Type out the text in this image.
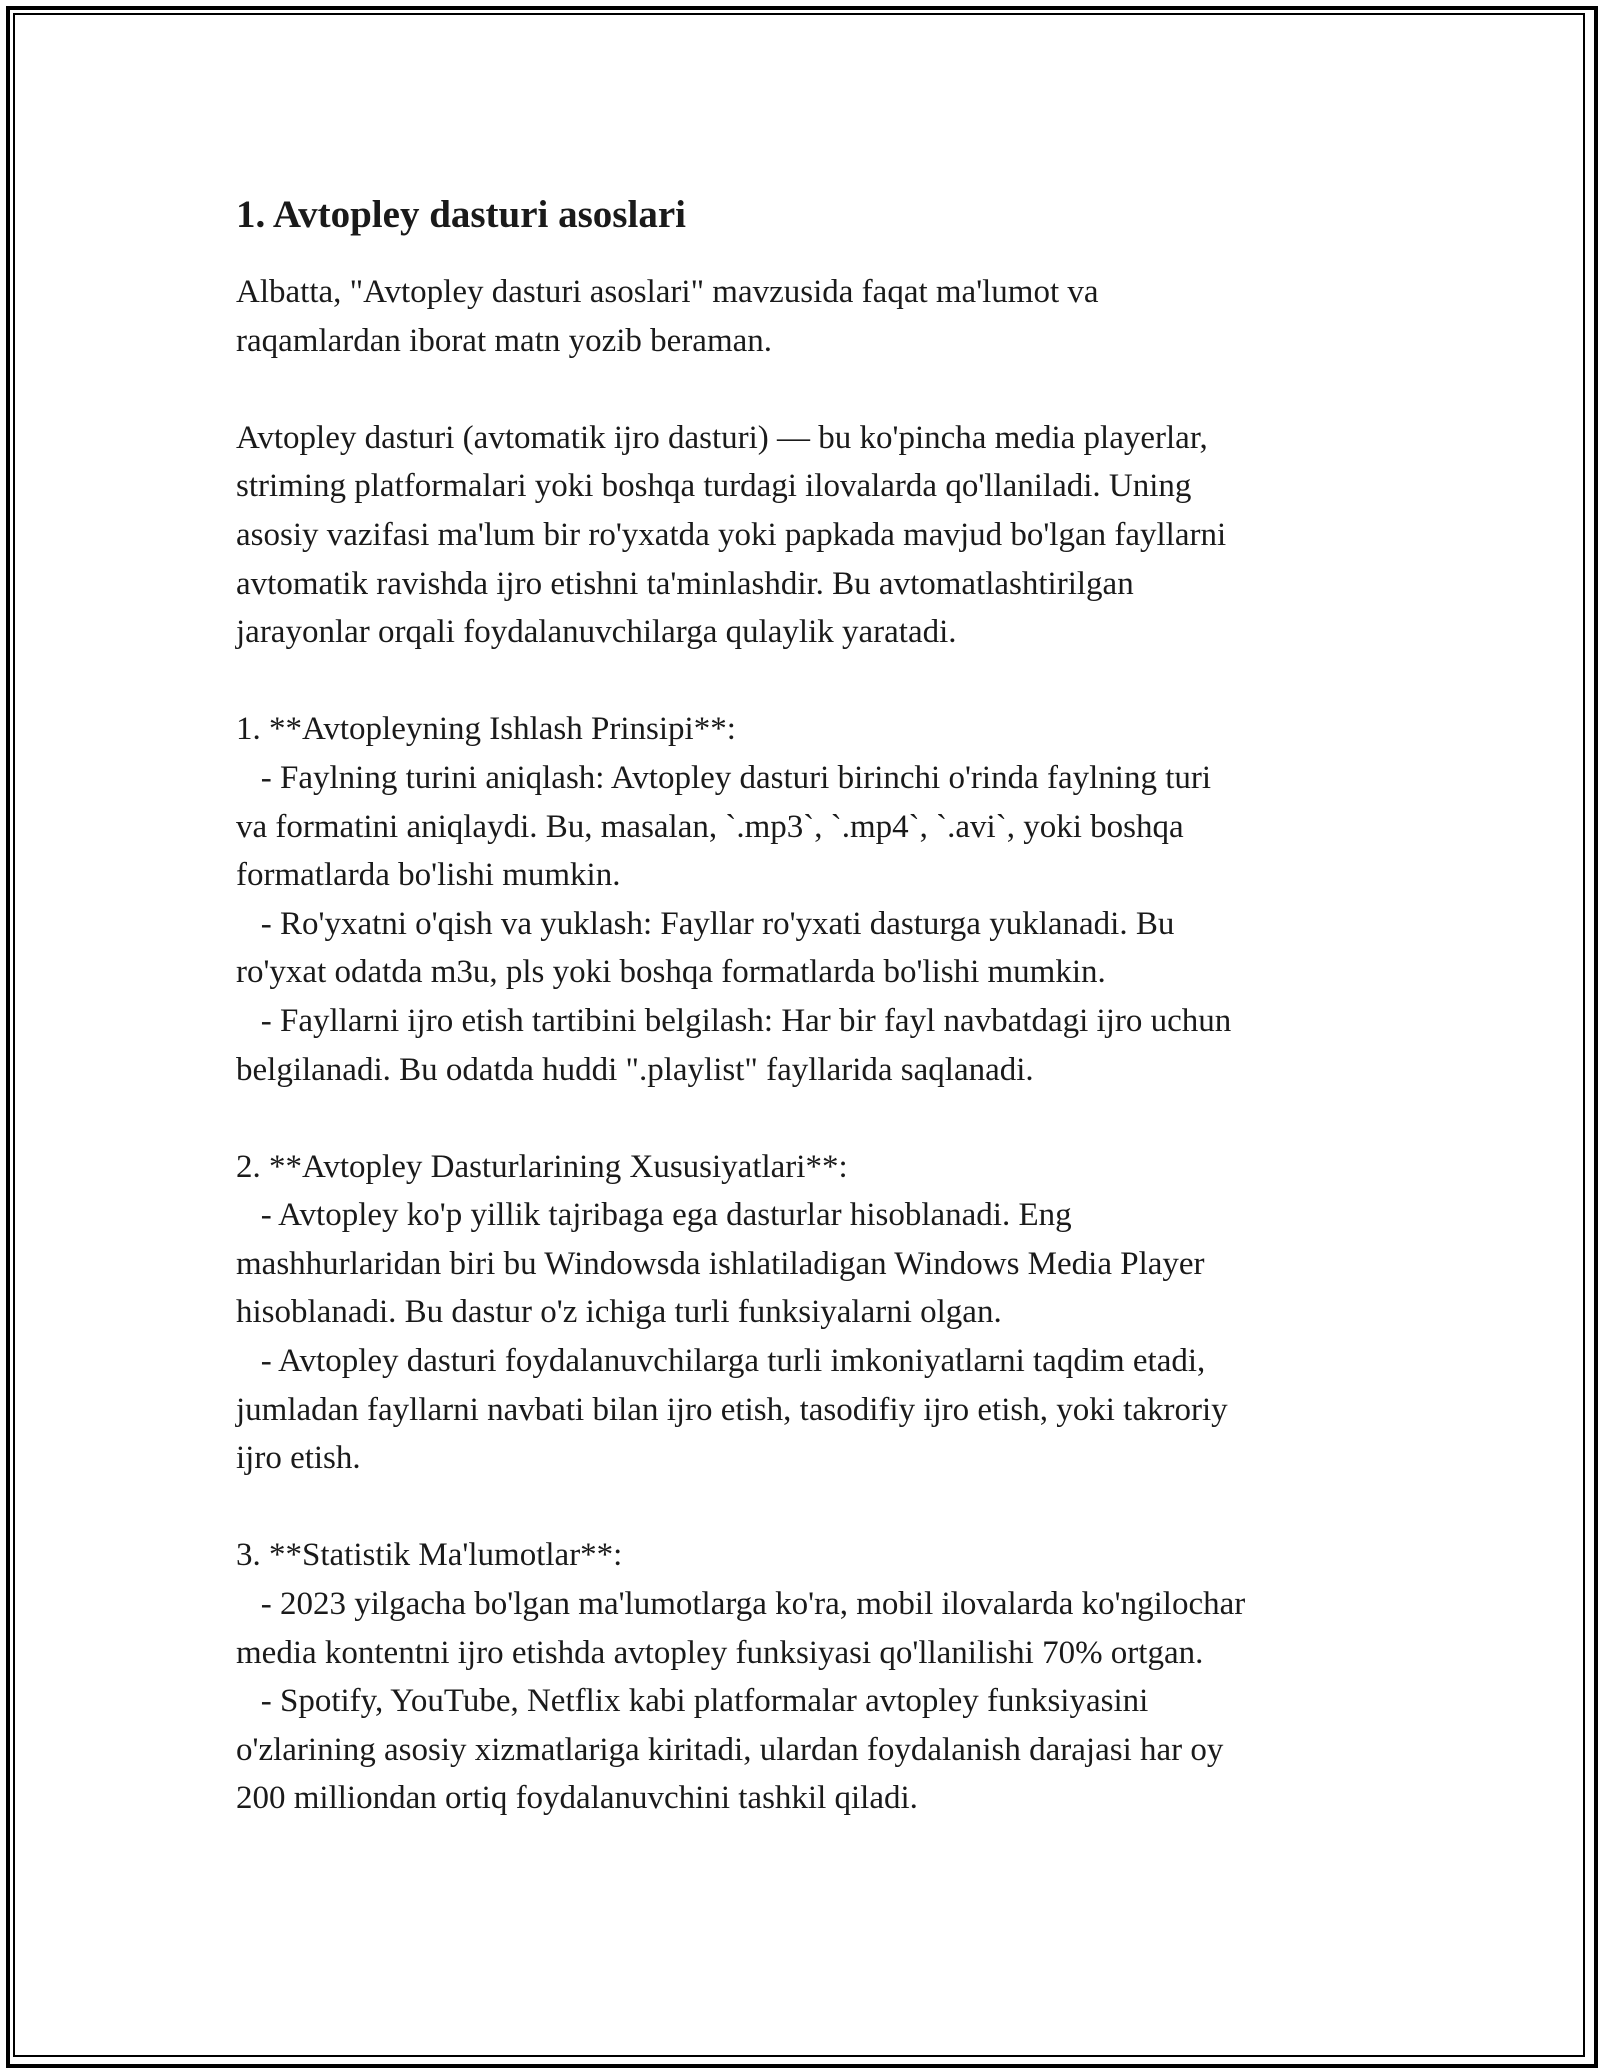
1. Avtopley dasturi asoslari
Albatta, "Avtopley dasturi asoslari" mavzusida faqat ma'lumot va
raqamlardan iborat matn yozib beraman.
Avtopley dasturi (avtomatik ijro dasturi) — bu ko'pincha media playerlar,
striming platformalari yoki boshqa turdagi ilovalarda qo'llaniladi. Uning
asosiy vazifasi ma'lum bir ro'yxatda yoki papkada mavjud bo'lgan fayllarni
avtomatik ravishda ijro etishni ta'minlashdir. Bu avtomatlashtirilgan
jarayonlar orqali foydalanuvchilarga qulaylik yaratadi.
1. **Avtopleyning Ishlash Prinsipi**:
- Faylning turini aniqlash: Avtopley dasturi birinchi o'rinda faylning turi
va formatini aniqlaydi. Bu, masalan, `.mp3`, `.mp4`, `.avi`, yoki boshqa
formatlarda bo'lishi mumkin.
- Ro'yxatni o'qish va yuklash: Fayllar ro'yxati dasturga yuklanadi. Bu
ro'yxat odatda m3u, pls yoki boshqa formatlarda bo'lishi mumkin.
- Fayllarni ijro etish tartibini belgilash: Har bir fayl navbatdagi ijro uchun
belgilanadi. Bu odatda huddi ".playlist" fayllarida saqlanadi.
2. **Avtopley Dasturlarining Xususiyatlari**:
- Avtopley ko'p yillik tajribaga ega dasturlar hisoblanadi. Eng
mashhurlaridan biri bu Windowsda ishlatiladigan Windows Media Player
hisoblanadi. Bu dastur o'z ichiga turli funksiyalarni olgan.
- Avtopley dasturi foydalanuvchilarga turli imkoniyatlarni taqdim etadi,
jumladan fayllarni navbati bilan ijro etish, tasodifiy ijro etish, yoki takroriy
ijro etish.
3. **Statistik Ma'lumotlar**:
- 2023 yilgacha bo'lgan ma'lumotlarga ko'ra, mobil ilovalarda ko'ngilochar
media kontentni ijro etishda avtopley funksiyasi qo'llanilishi 70% ortgan.
- Spotify, YouTube, Netflix kabi platformalar avtopley funksiyasini
o'zlarining asosiy xizmatlariga kiritadi, ulardan foydalanish darajasi har oy
200 milliondan ortiq foydalanuvchini tashkil qiladi.
